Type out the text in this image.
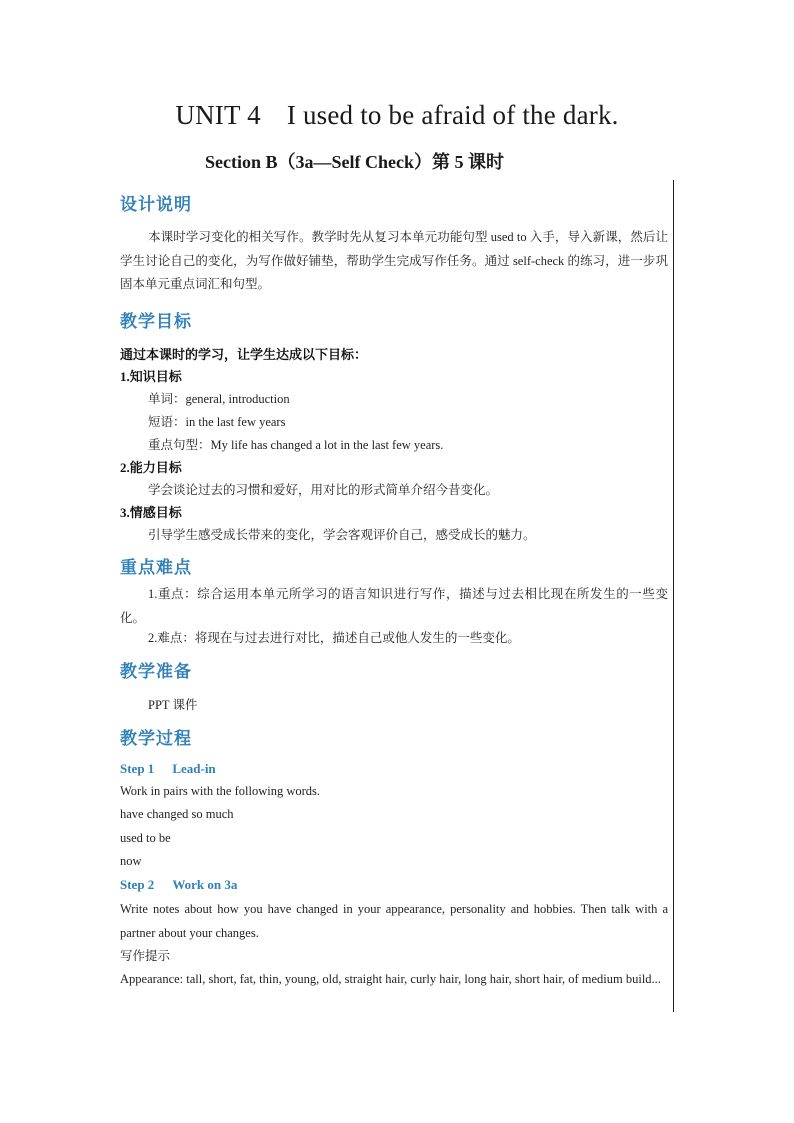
UNIT 4 I used to be afraid of the dark.
Section B（3a—Self Check）第 5 课时
设计说明
本课时学习变化的相关写作。教学时先从复习本单元功能句型 used to 入手，导入新课，然后让学生讨论自己的变化，为写作做好铺垫，帮助学生完成写作任务。通过 self-check 的练习，进一步巩固本单元重点词汇和句型。
教学目标
通过本课时的学习，让学生达成以下目标：
1.知识目标
单词：general, introduction
短语：in the last few years
重点句型：My life has changed a lot in the last few years.
2.能力目标
学会谈论过去的习惯和爱好，用对比的形式简单介绍今昔变化。
3.情感目标
引导学生感受成长带来的变化，学会客观评价自己，感受成长的魅力。
重点难点
1.重点：综合运用本单元所学习的语言知识进行写作，描述与过去相比现在所发生的一些变化。
2.难点：将现在与过去进行对比，描述自己或他人发生的一些变化。
教学准备
PPT 课件
教学过程
Step 1 Lead-in
Work in pairs with the following words.
have changed so much
used to be
now
Step 2 Work on 3a
Write notes about how you have changed in your appearance, personality and hobbies. Then talk with a partner about your changes.
写作提示
Appearance: tall, short, fat, thin, young, old, straight hair, curly hair, long hair, short hair, of medium build...
